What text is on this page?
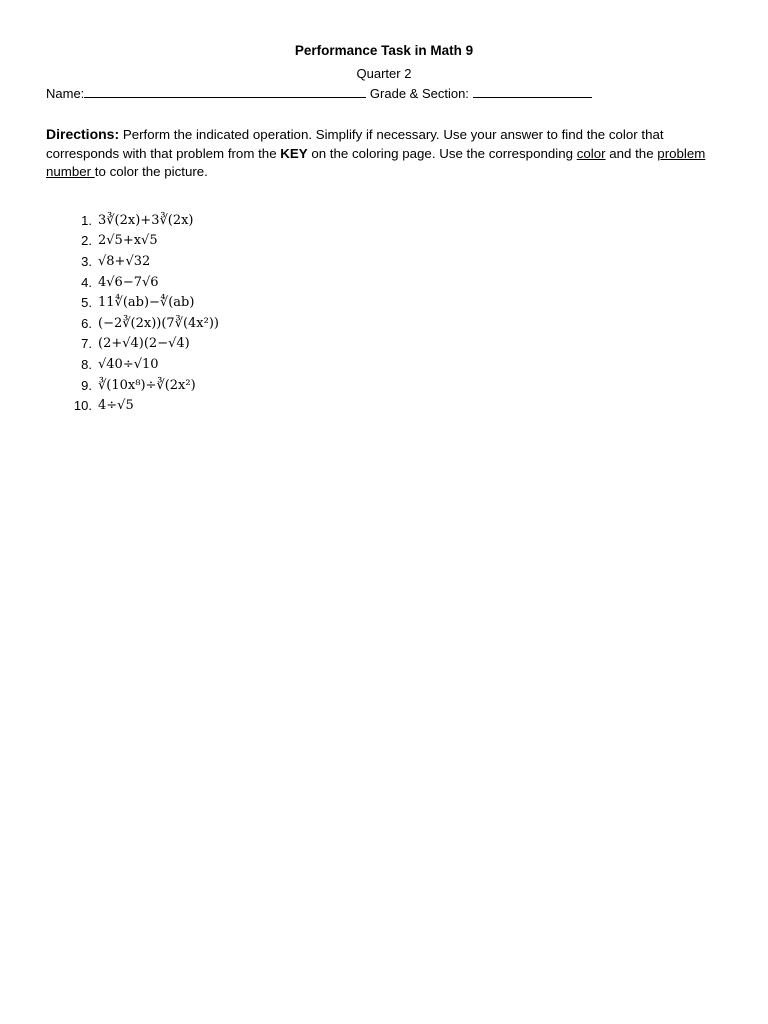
Performance Task in Math 9
Quarter 2
Name:	Grade & Section:
Directions: Perform the indicated operation. Simplify if necessary. Use your answer to find the color that corresponds with that problem from the KEY on the coloring page. Use the corresponding color and the problem number to color the picture.
1. 3∛(2x)+3∛(2x)
2. 2√5+x√5
3. √8+√32
4. 4√6−7√6
5. 11∜(ab)−∜(ab)
6. (−2∛(2x))(7∛(4x²))
7. (2+√4)(2−√4)
8. √40÷√10
9. ∛(10x⁸)÷∛(2x²)
10. 4÷√5
